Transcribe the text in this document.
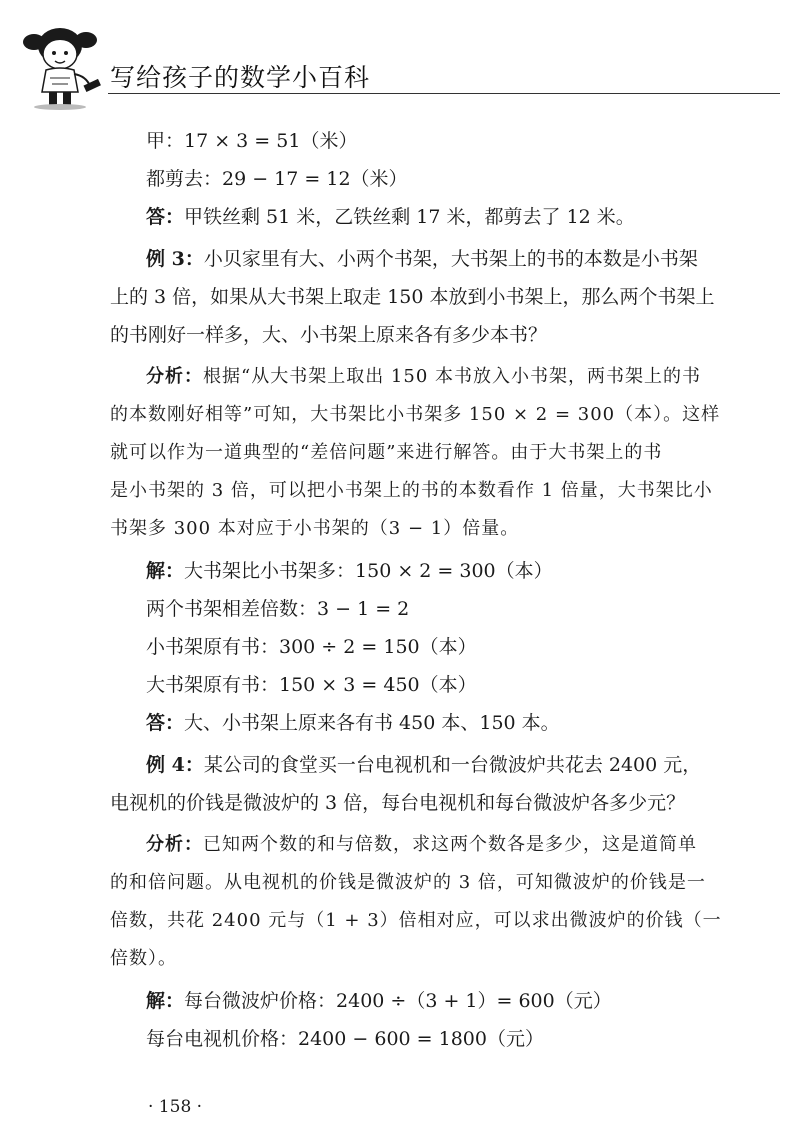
写给孩子的数学小百科
甲：17 × 3 = 51（米）
都剪去：29 − 17 = 12（米）
答：甲铁丝剩 51 米，乙铁丝剩 17 米，都剪去了 12 米。
例 3：小贝家里有大、小两个书架，大书架上的书的本数是小书架
上的 3 倍，如果从大书架上取走 150 本放到小书架上，那么两个书架上
的书刚好一样多，大、小书架上原来各有多少本书？
分析：根据“从大书架上取出 150 本书放入小书架，两书架上的书
的本数刚好相等”可知，大书架比小书架多 150 × 2 = 300（本）。这样
就可以作为一道典型的“差倍问题”来进行解答。由于大书架上的书
是小书架的 3 倍，可以把小书架上的书的本数看作 1 倍量，大书架比小
书架多 300 本对应于小书架的（3 − 1）倍量。
解：大书架比小书架多：150 × 2 = 300（本）
两个书架相差倍数：3 − 1 = 2
小书架原有书：300 ÷ 2 = 150（本）
大书架原有书：150 × 3 = 450（本）
答：大、小书架上原来各有书 450 本、150 本。
例 4：某公司的食堂买一台电视机和一台微波炉共花去 2400 元，
电视机的价钱是微波炉的 3 倍，每台电视机和每台微波炉各多少元？
分析：已知两个数的和与倍数，求这两个数各是多少，这是道简单
的和倍问题。从电视机的价钱是微波炉的 3 倍，可知微波炉的价钱是一
倍数，共花 2400 元与（1 + 3）倍相对应，可以求出微波炉的价钱（一
倍数）。
解：每台微波炉价格：2400 ÷（3 + 1）= 600（元）
每台电视机价格：2400 − 600 = 1800（元）
· 158 ·
